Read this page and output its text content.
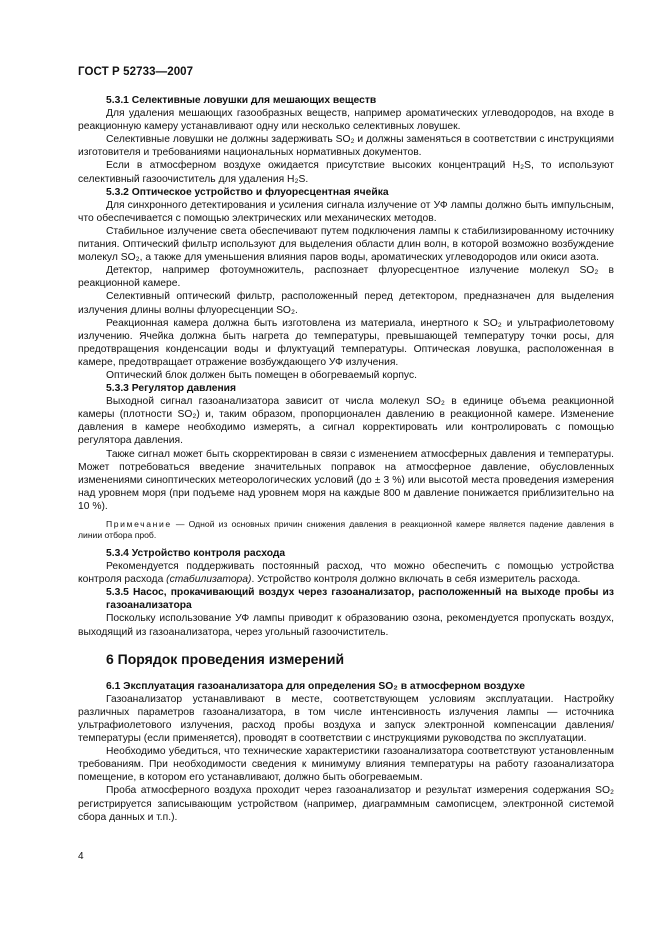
ГОСТ Р 52733—2007

5.3.1 Селективные ловушки для мешающих веществ

Для удаления мешающих газообразных веществ, например ароматических углеводородов, на входе в реакционную камеру устанавливают одну или несколько селективных ловушек.

Селективные ловушки не должны задерживать SO₂ и должны заменяться в соответствии с инструкциями изготовителя и требованиями национальных нормативных документов.

Если в атмосферном воздухе ожидается присутствие высоких концентраций H₂S, то используют селективный газоочиститель для удаления H₂S.

5.3.2 Оптическое устройство и флуоресцентная ячейка

Для синхронного детектирования и усиления сигнала излучение от УФ лампы должно быть импульсным, что обеспечивается с помощью электрических или механических методов.

Стабильное излучение света обеспечивают путем подключения лампы к стабилизированному источнику питания. Оптический фильтр используют для выделения области длин волн, в которой возможно возбуждение молекул SO₂, а также для уменьшения влияния паров воды, ароматических углеводородов или окиси азота.

Детектор, например фотоумножитель, распознает флуоресцентное излучение молекул SO₂ в реакционной камере.

Селективный оптический фильтр, расположенный перед детектором, предназначен для выделения излучения длины волны флуоресценции SO₂.

Реакционная камера должна быть изготовлена из материала, инертного к SO₂ и ультрафиолетовому излучению. Ячейка должна быть нагрета до температуры, превышающей температуру точки росы, для предотвращения конденсации воды и флуктуаций температуры. Оптическая ловушка, расположенная в камере, предотвращает отражение возбуждающего УФ излучения.

Оптический блок должен быть помещен в обогреваемый корпус.

5.3.3 Регулятор давления

Выходной сигнал газоанализатора зависит от числа молекул SO₂ в единице объема реакционной камеры (плотности SO₂) и, таким образом, пропорционален давлению в реакционной камере. Изменение давления в камере необходимо измерять, а сигнал корректировать или контролировать с помощью регулятора давления.

Также сигнал может быть скорректирован в связи с изменением атмосферных давления и температуры. Может потребоваться введение значительных поправок на атмосферное давление, обусловленных изменениями синоптических метеорологических условий (до ± 3 %) или высотой места проведения измерения над уровнем моря (при подъеме над уровнем моря на каждые 800 м давление понижается приблизительно на 10 %).

Примечание — Одной из основных причин снижения давления в реакционной камере является падение давления в линии отбора проб.

5.3.4 Устройство контроля расхода

Рекомендуется поддерживать постоянный расход, что можно обеспечить с помощью устройства контроля расхода (стабилизатора). Устройство контроля должно включать в себя измеритель расхода.

5.3.5 Насос, прокачивающий воздух через газоанализатор, расположенный на выходе пробы из газоанализатора

Поскольку использование УФ лампы приводит к образованию озона, рекомендуется пропускать воздух, выходящий из газоанализатора, через угольный газоочиститель.

6 Порядок проведения измерений

6.1 Эксплуатация газоанализатора для определения SO₂ в атмосферном воздухе

Газоанализатор устанавливают в месте, соответствующем условиям эксплуатации. Настройку различных параметров газоанализатора, в том числе интенсивность излучения лампы — источника ультрафиолетового излучения, расход пробы воздуха и запуск электронной компенсации давления/температуры (если применяется), проводят в соответствии с инструкциями руководства по эксплуатации.

Необходимо убедиться, что технические характеристики газоанализатора соответствуют установленным требованиям. При необходимости сведения к минимуму влияния температуры на работу газоанализатора помещение, в котором его устанавливают, должно быть обогреваемым.

Проба атмосферного воздуха проходит через газоанализатор и результат измерения содержания SO₂ регистрируется записывающим устройством (например, диаграммным самописцем, электронной системой сбора данных и т.п.).

4
